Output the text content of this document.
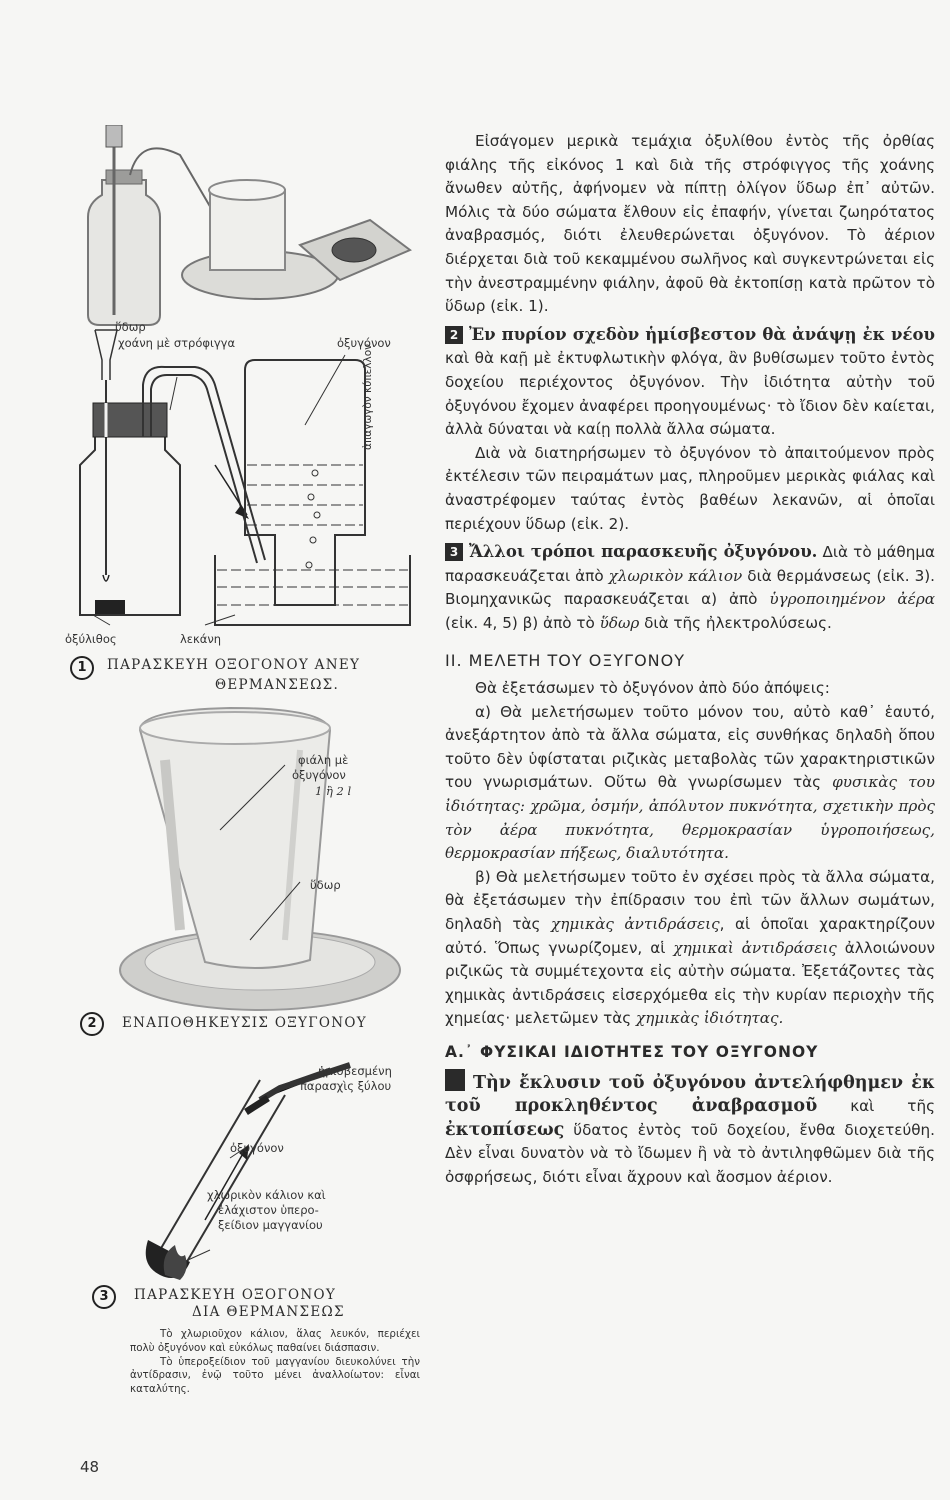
ὕδωρ
χοάνη μὲ στρόφιγγα	ὀξυγόνον
ἀπαγωγὸν κύπελλον
ὀξύλιθος	λεκάνη
1	ΠΑΡΑΣΚΕΥΗ ΟΞΟΓΟΝΟΥ ΑΝΕΥ
ΘΕΡΜΑΝΣΕΩΣ.
φιάλη μὲ
ὀξυγόνον
1 ἢ 2 l
ὕδωρ
2	ΕΝΑΠΟΘΗΚΕΥΣΙΣ ΟΞΥΓΟΝΟΥ
ἡμισβεσμένη
παρασχὶς ξύλου
ὀξυγόνον
χλωρικὸν κάλιον καὶ
ἐλάχιστον ὑπερο-
ξείδιον μαγγανίου
3	ΠΑΡΑΣΚΕΥΗ ΟΞΟΓΟΝΟΥ
ΔΙΑ ΘΕΡΜΑΝΣΕΩΣ

Τὸ χλωριοῦχον κάλιον, ἅλας λευκόν, περιέχει πολὺ ὀξυγόνον καὶ εὐκόλως παθαίνει διάσπασιν.

Τὸ ὑπεροξείδιον τοῦ μαγγανίου διευκολύνει τὴν ἀντίδρασιν, ἐνῷ τοῦτο μένει ἀναλλοίωτον: εἶναι καταλύτης.

48

Εἰσάγομεν μερικὰ τεμάχια ὀξυλίθου ἐντὸς τῆς ὀρθίας φιάλης τῆς εἰκόνος 1 καὶ διὰ τῆς στρόφιγγος τῆς χοάνης ἄνωθεν αὐτῆς, ἀφήνομεν νὰ πίπτῃ ὀλίγον ὕδωρ ἐπ᾽ αὐτῶν. Μόλις τὰ δύο σώματα ἔλθουν εἰς ἐπαφήν, γίνεται ζωηρότατος ἀναβρασμός, διότι ἐλευθερώνεται ὀξυγόνον. Τὸ ἀέριον διέρχεται διὰ τοῦ κεκαμμένου σωλῆνος καὶ συγκεντρώνεται εἰς τὴν ἀνεστραμμένην φιάλην, ἀφοῦ θὰ ἐκτοπίσῃ κατὰ πρῶτον τὸ ὕδωρ (εἰκ. 1).

2 Ἐν πυρίον σχεδὸν ἡμίσβεστον θὰ ἀνάψῃ ἐκ νέου καὶ θὰ καῇ μὲ ἐκτυφλωτικὴν φλόγα, ἂν βυθίσωμεν τοῦτο ἐντὸς δοχείου περιέχοντος ὀξυγόνον. Τὴν ἰδιότητα αὐτὴν τοῦ ὀξυγόνου ἔχομεν ἀναφέρει προηγουμένως· τὸ ἴδιον δὲν καίεται, ἀλλὰ δύναται νὰ καίῃ πολλὰ ἄλλα σώματα.

Διὰ νὰ διατηρήσωμεν τὸ ὀξυγόνον τὸ ἀπαιτούμενον πρὸς ἐκτέλεσιν τῶν πειραμάτων μας, πληροῦμεν μερικὰς φιάλας καὶ ἀναστρέφομεν ταύτας ἐντὸς βαθέων λεκανῶν, αἱ ὁποῖαι περιέχουν ὕδωρ (εἰκ. 2).

3 Ἄλλοι τρόποι παρασκευῆς ὀξυγόνου. Διὰ τὸ μάθημα παρασκευάζεται ἀπὸ χλωρικὸν κάλιον διὰ θερμάνσεως (εἰκ. 3). Βιομηχανικῶς παρασκευάζεται α) ἀπὸ ὑγροποιημένον ἀέρα (εἰκ. 4, 5) β) ἀπὸ τὸ ὕδωρ διὰ τῆς ἠλεκτρολύσεως.

ΙΙ. ΜΕΛΕΤΗ ΤΟΥ ΟΞΥΓΟΝΟΥ

Θὰ ἐξετάσωμεν τὸ ὀξυγόνον ἀπὸ δύο ἀπόψεις:

α) Θὰ μελετήσωμεν τοῦτο μόνον του, αὐτὸ καθ᾽ ἑαυτό, ἀνεξάρτητον ἀπὸ τὰ ἄλλα σώματα, εἰς συνθήκας δηλαδὴ ὅπου τοῦτο δὲν ὑφίσταται ριζικὰς μεταβολὰς τῶν χαρακτηριστικῶν του γνωρισμάτων. Οὕτω θὰ γνωρίσωμεν τὰς φυσικὰς του ἰδιότητας: χρῶμα, ὀσμήν, ἀπόλυτον πυκνότητα, σχετικὴν πρὸς τὸν ἀέρα πυκνότητα, θερμοκρασίαν ὑγροποιήσεως, θερμοκρασίαν πήξεως, διαλυτότητα.

β) Θὰ μελετήσωμεν τοῦτο ἐν σχέσει πρὸς τὰ ἄλλα σώματα, θὰ ἐξετάσωμεν τὴν ἐπίδρασιν του ἐπὶ τῶν ἄλλων σωμάτων, δηλαδὴ τὰς χημικὰς ἀντιδράσεις, αἱ ὁποῖαι χαρακτηρίζουν αὐτό. Ὅπως γνωρίζομεν, αἱ χημικαὶ ἀντιδράσεις ἀλλοιώνουν ριζικῶς τὰ συμμέτεχοντα εἰς αὐτὴν σώματα. Ἐξετάζοντες τὰς χημικὰς ἀντιδράσεις εἰσερχόμεθα εἰς τὴν κυρίαν περιοχὴν τῆς χημείας· μελετῶμεν τὰς χημικὰς ἰδιότητας.

Α.᾽ ΦΥΣΙΚΑΙ ΙΔΙΟΤΗΤΕΣ ΤΟΥ ΟΞΥΓΟΝΟΥ

Τὴν ἔκλυσιν τοῦ ὀξυγόνου ἀντελήφθημεν ἐκ τοῦ προκληθέντος ἀναβρασμοῦ καὶ τῆς ἐκτοπίσεως ὕδατος ἐντὸς τοῦ δοχείου, ἔνθα διοχετεύθη. Δὲν εἶναι δυνατὸν νὰ τὸ ἴδωμεν ἢ νὰ τὸ ἀντιληφθῶμεν διὰ τῆς ὀσφρήσεως, διότι εἶναι ἄχρουν καὶ ἄοσμον ἀέριον.
